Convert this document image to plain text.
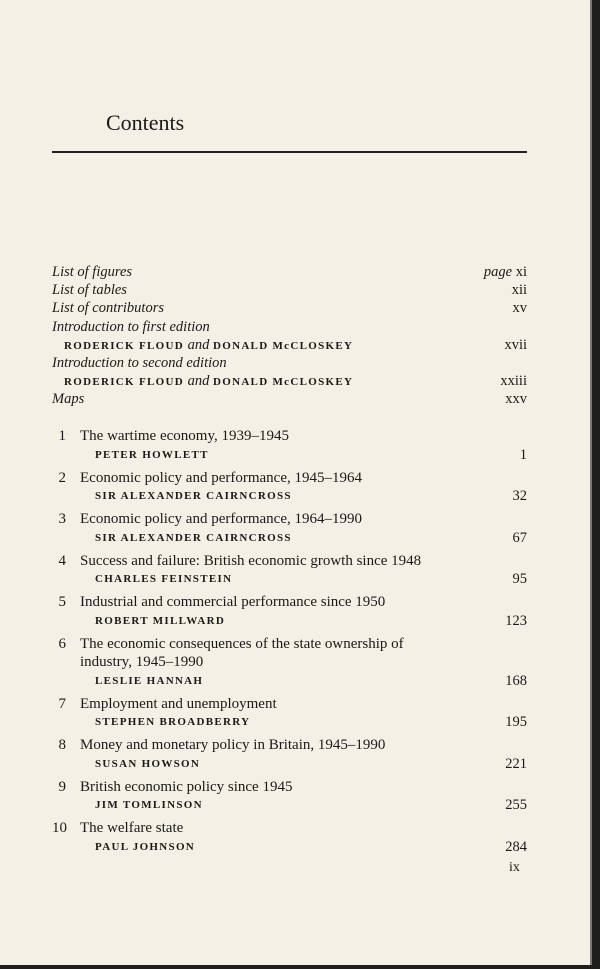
Contents
List of figures	page xi
List of tables	xii
List of contributors	xv
Introduction to first edition
RODERICK FLOUD and DONALD McCLOSKEY	xvii
Introduction to second edition
RODERICK FLOUD and DONALD McCLOSKEY	xxiii
Maps	xxv
1 The wartime economy, 1939–1945
PETER HOWLETT	1
2 Economic policy and performance, 1945–1964
SIR ALEXANDER CAIRNCROSS	32
3 Economic policy and performance, 1964–1990
SIR ALEXANDER CAIRNCROSS	67
4 Success and failure: British economic growth since 1948
CHARLES FEINSTEIN	95
5 Industrial and commercial performance since 1950
ROBERT MILLWARD	123
6 The economic consequences of the state ownership of
industry, 1945–1990
LESLIE HANNAH	168
7 Employment and unemployment
STEPHEN BROADBERRY	195
8 Money and monetary policy in Britain, 1945–1990
SUSAN HOWSON	221
9 British economic policy since 1945
JIM TOMLINSON	255
10 The welfare state
PAUL JOHNSON	284
ix
